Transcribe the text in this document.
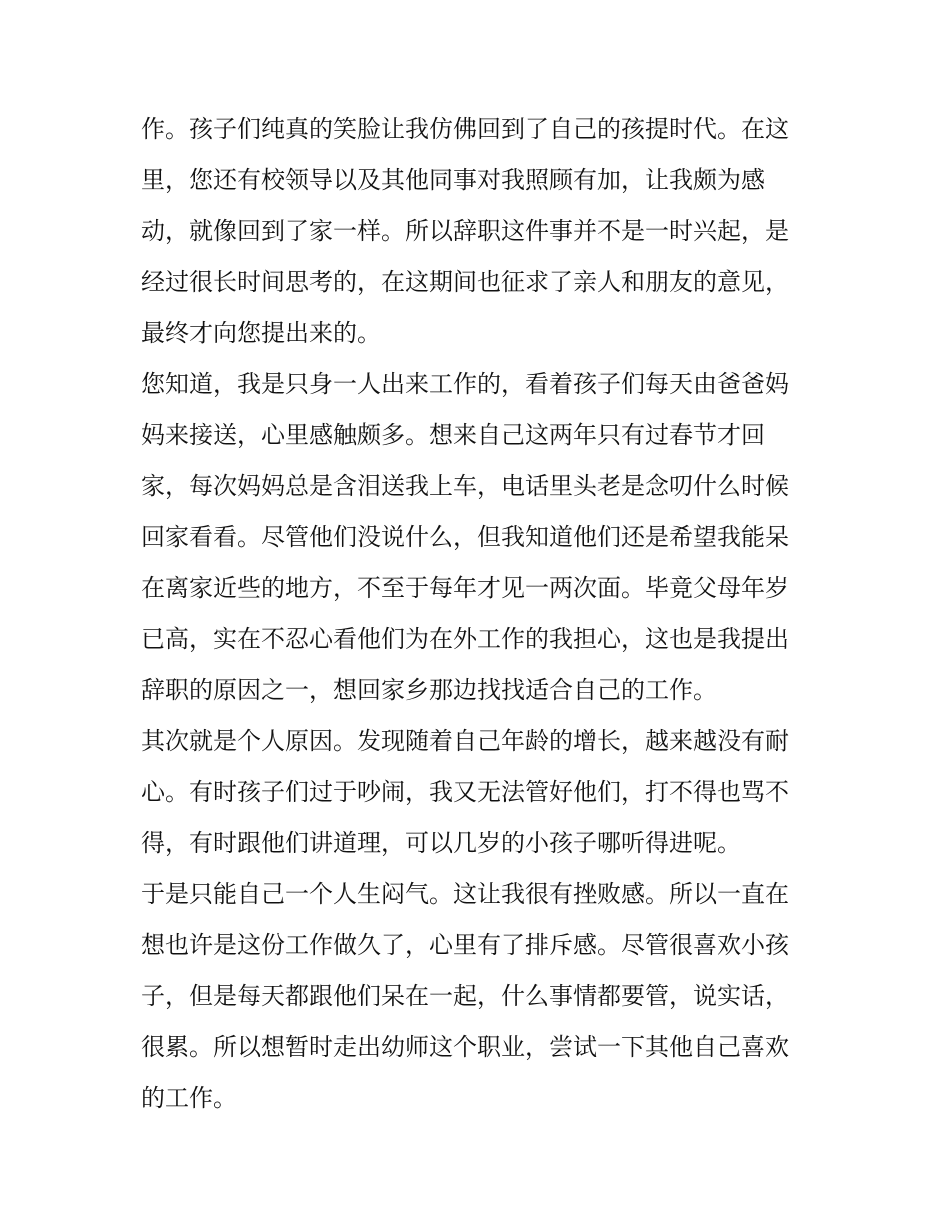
作。孩子们纯真的笑脸让我仿佛回到了自己的孩提时代。在这
里，您还有校领导以及其他同事对我照顾有加，让我颇为感
动，就像回到了家一样。所以辞职这件事并不是一时兴起，是
经过很长时间思考的，在这期间也征求了亲人和朋友的意见，
最终才向您提出来的。
您知道，我是只身一人出来工作的，看着孩子们每天由爸爸妈
妈来接送，心里感触颇多。想来自己这两年只有过春节才回
家，每次妈妈总是含泪送我上车，电话里头老是念叨什么时候
回家看看。尽管他们没说什么，但我知道他们还是希望我能呆
在离家近些的地方，不至于每年才见一两次面。毕竟父母年岁
已高，实在不忍心看他们为在外工作的我担心，这也是我提出
辞职的原因之一，想回家乡那边找找适合自己的工作。
其次就是个人原因。发现随着自己年龄的增长，越来越没有耐
心。有时孩子们过于吵闹，我又无法管好他们，打不得也骂不
得，有时跟他们讲道理，可以几岁的小孩子哪听得进呢。
于是只能自己一个人生闷气。这让我很有挫败感。所以一直在
想也许是这份工作做久了，心里有了排斥感。尽管很喜欢小孩
子，但是每天都跟他们呆在一起，什么事情都要管，说实话，
很累。所以想暂时走出幼师这个职业，尝试一下其他自己喜欢
的工作。
